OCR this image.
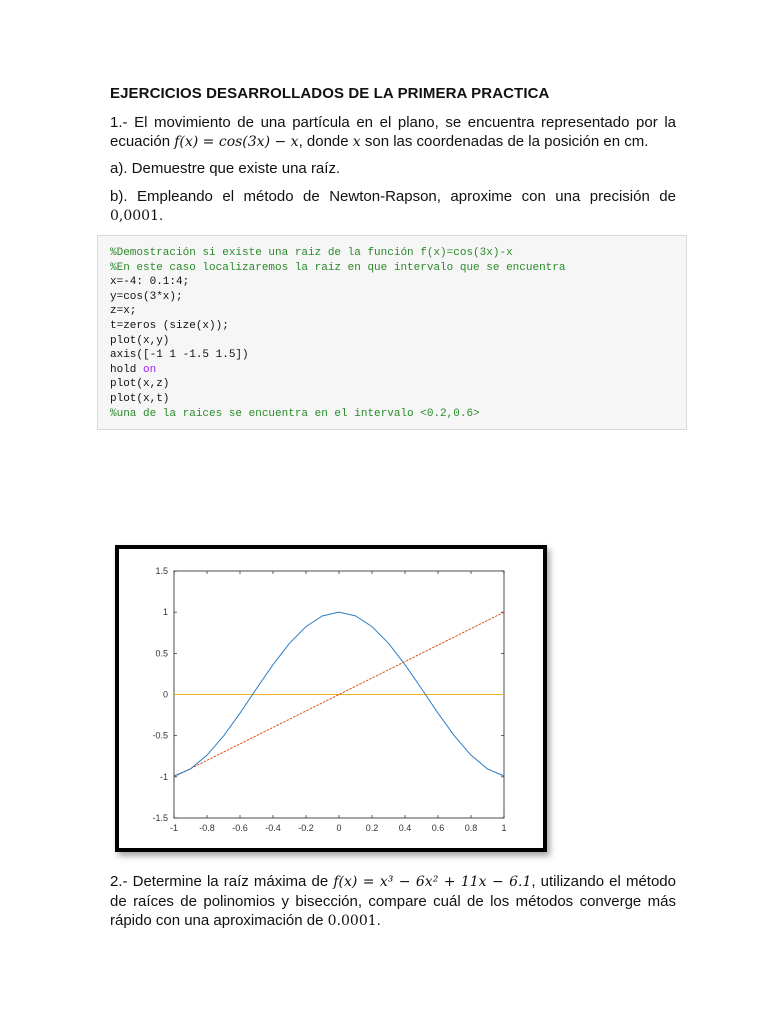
EJERCICIOS DESARROLLADOS DE LA PRIMERA PRACTICA
1.- El movimiento de una partícula en el plano, se encuentra representado por la ecuación f(x) = cos(3x) − x, donde x son las coordenadas de la posición en cm.
a). Demuestre que existe una raíz.
b). Empleando el método de Newton-Rapson, aproxime con una precisión de 0,0001.
%Demostración si existe una raiz de la función f(x)=cos(3x)-x
%En este caso localizaremos la raiz en que intervalo que se encuentra
x=-4: 0.1:4;
y=cos(3*x);
z=x;
t=zeros (size(x));
plot(x,y)
axis([-1 1 -1.5 1.5])
hold on
plot(x,z)
plot(x,t)
%una de la raices se encuentra en el intervalo <0.2,0.6>
-1 -0.8 -0.6 -0.4 -0.2	0	0.2 0.4 0.6 0.8	1
1.5
1
0.5
0
-0.5
-1
-1.5
2.- Determine la raíz máxima de f(x) = x³ − 6x² + 11x − 6.1, utilizando el método de raíces de polinomios y bisección, compare cuál de los métodos converge más rápido con una aproximación de 0.0001.
